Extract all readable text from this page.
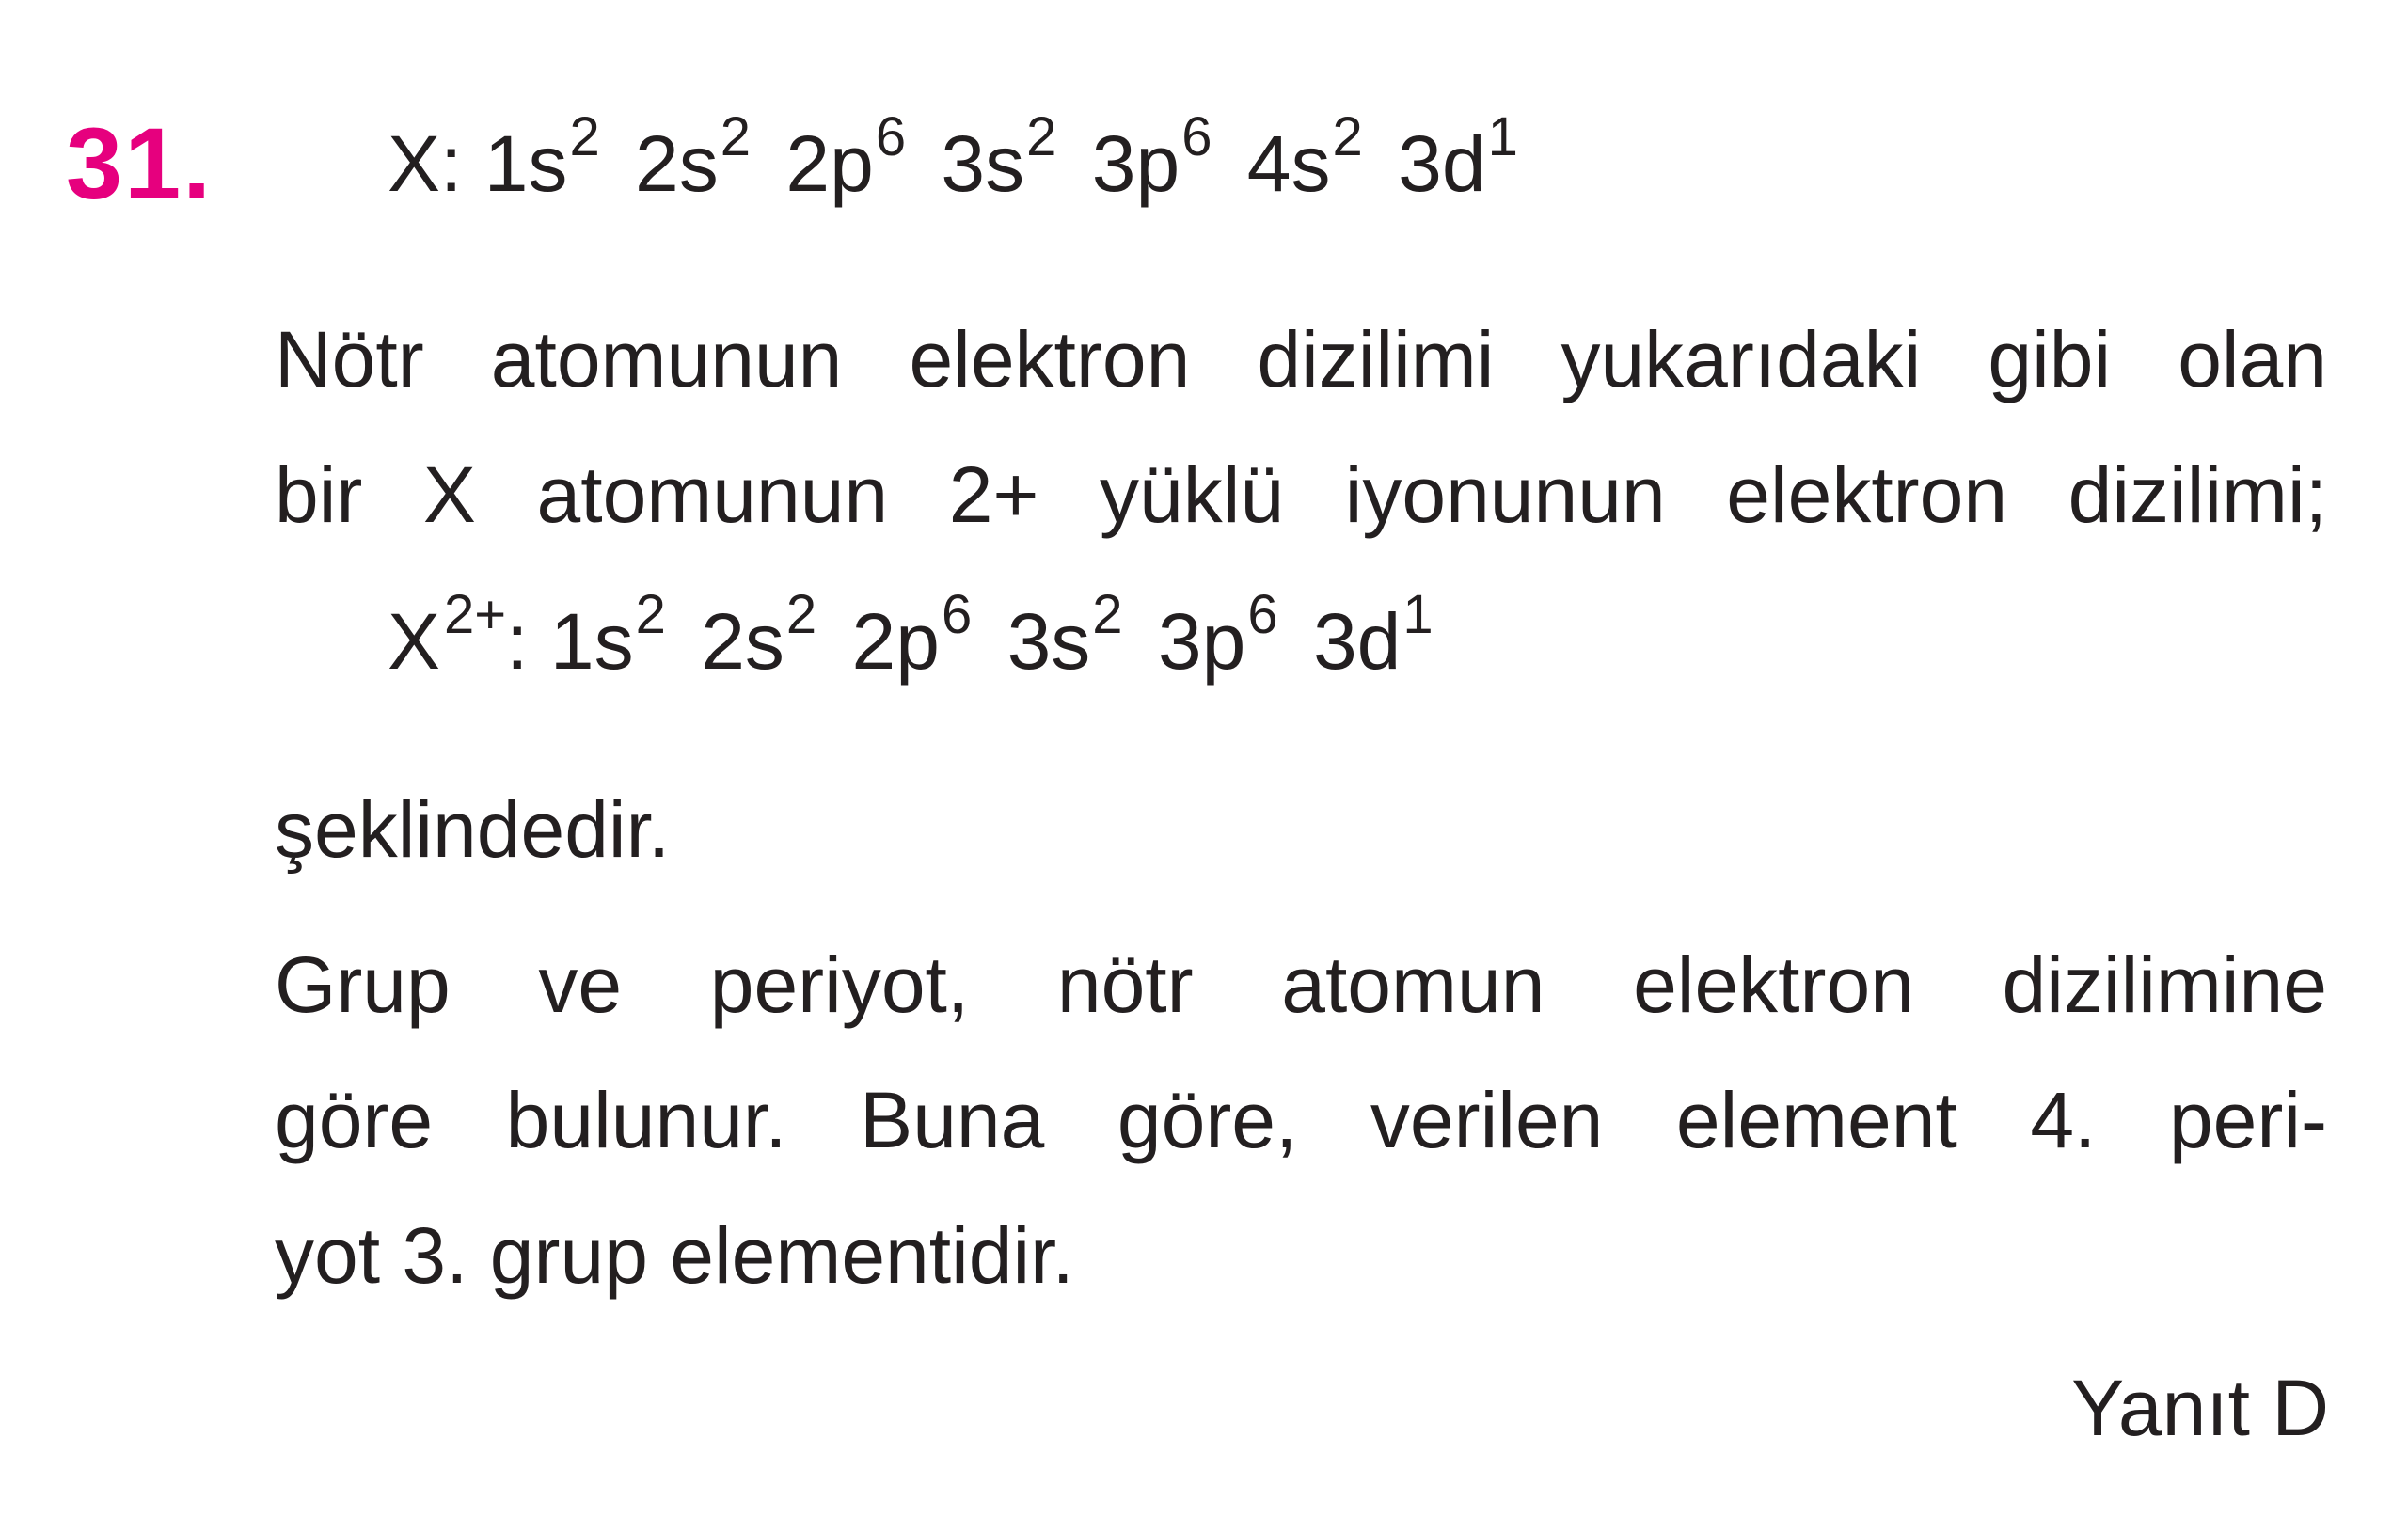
31. X: $1s^2$ $2s^2$ $2p^6$ $3s^2$ $3p^6$ $4s^2$ $3d^1$

Nötr atomunun elektron dizilimi yukarıdaki gibi olan
bir X atomunun 2+ yüklü iyonunun elektron dizilimi;

$X^{2+}$: $1s^2$ $2s^2$ $2p^6$ $3s^2$ $3p^6$ $3d^1$

şeklindedir.

Grup ve periyot, nötr atomun elektron dizilimine
göre bulunur. Buna göre, verilen element 4. peri-
yot 3. grup elementidir.

Yanıt D
